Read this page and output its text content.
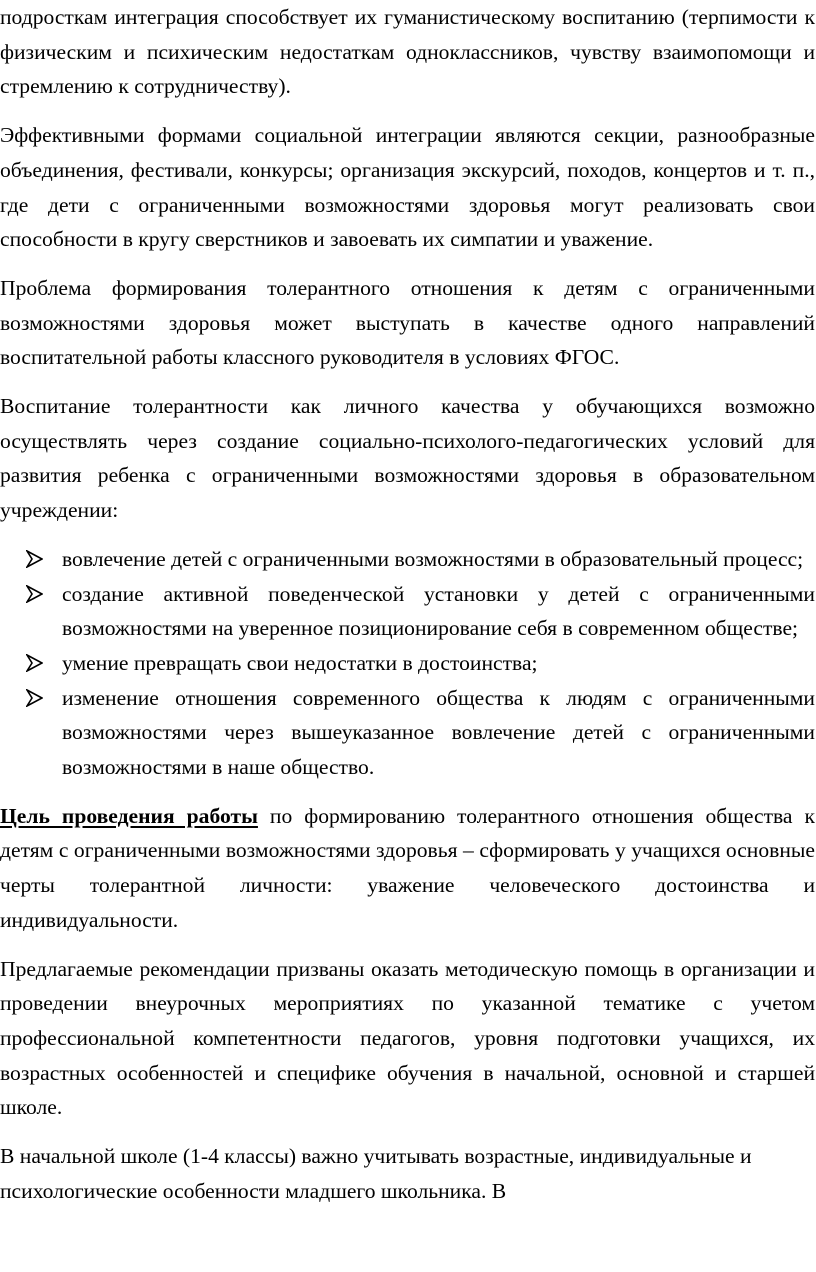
подросткам интеграция способствует их гуманистическому воспитанию (терпимости к физическим и психическим недостаткам одноклассников, чувству взаимопомощи и стремлению к сотрудничеству).

Эффективными формами социальной интеграции являются секции, разнообразные объединения, фестивали, конкурсы; организация экскурсий, походов, концертов и т. п., где дети с ограниченными возможностями здоровья могут реализовать свои способности в кругу сверстников и завоевать их симпатии и уважение.

Проблема формирования толерантного отношения к детям с ограниченными возможностями здоровья может выступать в качестве одного направлений воспитательной работы классного руководителя в условиях ФГОС.

Воспитание толерантности как личного качества у обучающихся возможно осуществлять через создание социально-психолого-педагогических условий для развития ребенка с ограниченными возможностями здоровья в образовательном учреждении:

вовлечение детей с ограниченными возможностями в образовательный процесс;
создание активной поведенческой установки у детей с ограниченными возможностями на уверенное позиционирование себя в современном обществе;
умение превращать свои недостатки в достоинства;
изменение отношения современного общества к людям с ограниченными возможностями через вышеуказанное вовлечение детей с ограниченными возможностями в наше общество.

Цель проведения работы по формированию толерантного отношения общества к детям с ограниченными возможностями здоровья – сформировать у учащихся основные черты толерантной личности: уважение человеческого достоинства и индивидуальности.

Предлагаемые рекомендации призваны оказать методическую помощь в организации и проведении внеурочных мероприятиях по указанной тематике с учетом профессиональной компетентности педагогов, уровня подготовки учащихся, их возрастных особенностей и специфике обучения в начальной, основной и старшей школе.

В начальной школе (1-4 классы) важно учитывать возрастные, индивидуальные и психологические особенности младшего школьника. В
